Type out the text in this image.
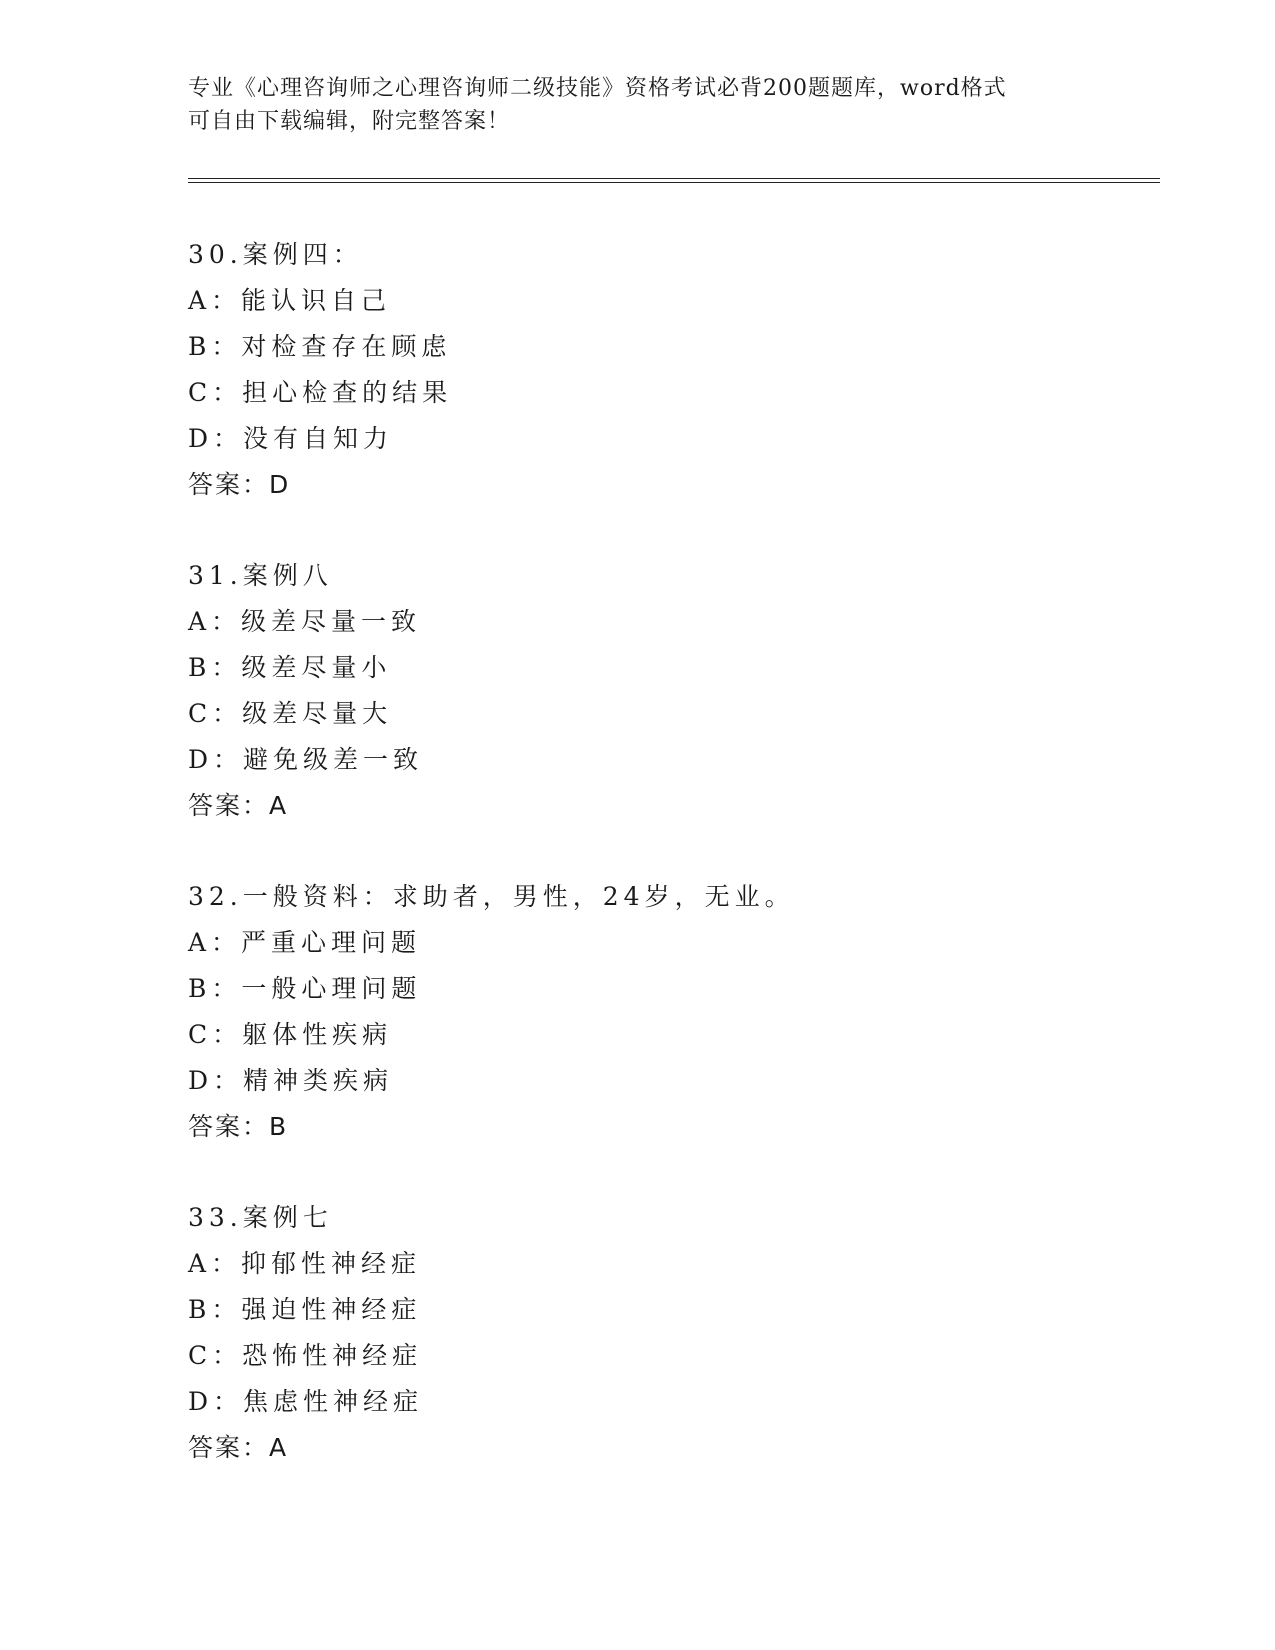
专业《心理咨询师之心理咨询师二级技能》资格考试必背200题题库，word格式
可自由下载编辑，附完整答案！
30.案例四：
A：能认识自己
B：对检查存在顾虑
C：担心检查的结果
D：没有自知力
答案：D
31.案例八
A：级差尽量一致
B：级差尽量小
C：级差尽量大
D：避免级差一致
答案：A
32.一般资料：求助者，男性，24岁，无业。
A：严重心理问题
B：一般心理问题
C：躯体性疾病
D：精神类疾病
答案：B
33.案例七
A：抑郁性神经症
B：强迫性神经症
C：恐怖性神经症
D：焦虑性神经症
答案：A
